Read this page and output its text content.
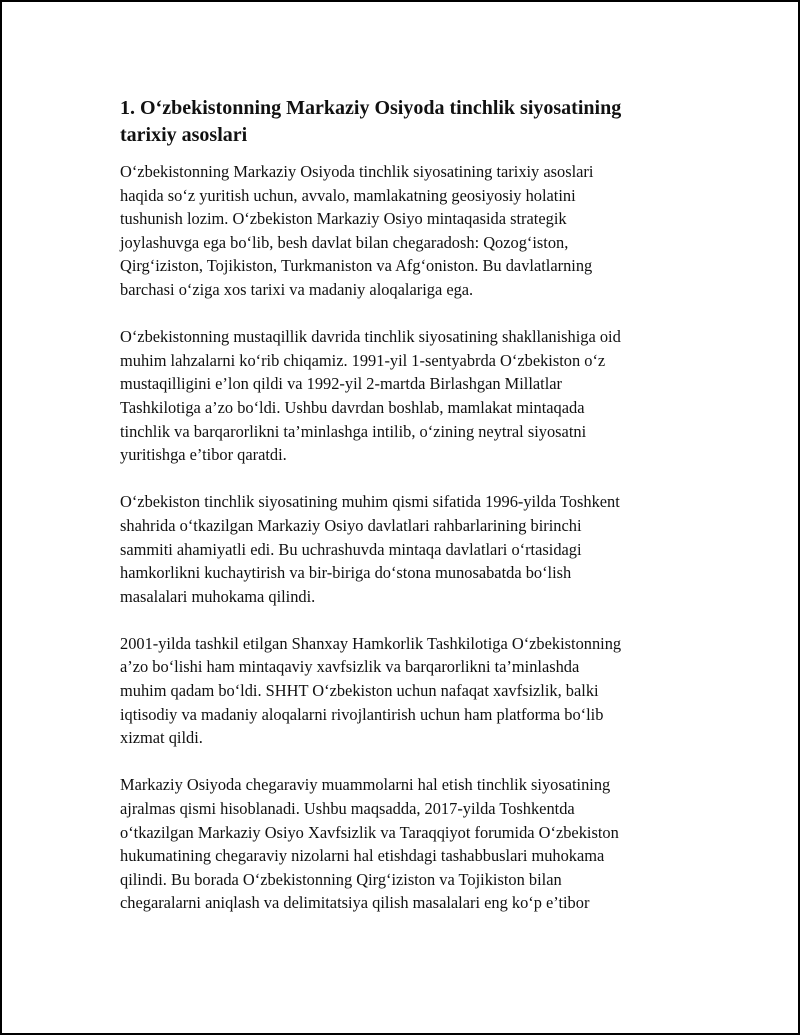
1. O‘zbekistonning Markaziy Osiyoda tinchlik siyosatining
tarixiy asoslari
O‘zbekistonning Markaziy Osiyoda tinchlik siyosatining tarixiy asoslari
haqida so‘z yuritish uchun, avvalo, mamlakatning geosiyosiy holatini
tushunish lozim. O‘zbekiston Markaziy Osiyo mintaqasida strategik
joylashuvga ega bo‘lib, besh davlat bilan chegaradosh: Qozog‘iston,
Qirg‘iziston, Tojikiston, Turkmaniston va Afg‘oniston. Bu davlatlarning
barchasi o‘ziga xos tarixi va madaniy aloqalariga ega.
O‘zbekistonning mustaqillik davrida tinchlik siyosatining shakllanishiga oid
muhim lahzalarni ko‘rib chiqamiz. 1991-yil 1-sentyabrda O‘zbekiston o‘z
mustaqilligini e’lon qildi va 1992-yil 2-martda Birlashgan Millatlar
Tashkilotiga a’zo bo‘ldi. Ushbu davrdan boshlab, mamlakat mintaqada
tinchlik va barqarorlikni ta’minlashga intilib, o‘zining neytral siyosatni
yuritishga e’tibor qaratdi.
O‘zbekiston tinchlik siyosatining muhim qismi sifatida 1996-yilda Toshkent
shahrida o‘tkazilgan Markaziy Osiyo davlatlari rahbarlarining birinchi
sammiti ahamiyatli edi. Bu uchrashuvda mintaqa davlatlari o‘rtasidagi
hamkorlikni kuchaytirish va bir-biriga do‘stona munosabatda bo‘lish
masalalari muhokama qilindi.
2001-yilda tashkil etilgan Shanxay Hamkorlik Tashkilotiga O‘zbekistonning
a’zo bo‘lishi ham mintaqaviy xavfsizlik va barqarorlikni ta’minlashda
muhim qadam bo‘ldi. SHHT O‘zbekiston uchun nafaqat xavfsizlik, balki
iqtisodiy va madaniy aloqalarni rivojlantirish uchun ham platforma bo‘lib
xizmat qildi.
Markaziy Osiyoda chegaraviy muammolarni hal etish tinchlik siyosatining
ajralmas qismi hisoblanadi. Ushbu maqsadda, 2017-yilda Toshkentda
o‘tkazilgan Markaziy Osiyo Xavfsizlik va Taraqqiyot forumida O‘zbekiston
hukumatining chegaraviy nizolarni hal etishdagi tashabbuslari muhokama
qilindi. Bu borada O‘zbekistonning Qirg‘iziston va Tojikiston bilan
chegaralarni aniqlash va delimitatsiya qilish masalalari eng ko‘p e’tibor
